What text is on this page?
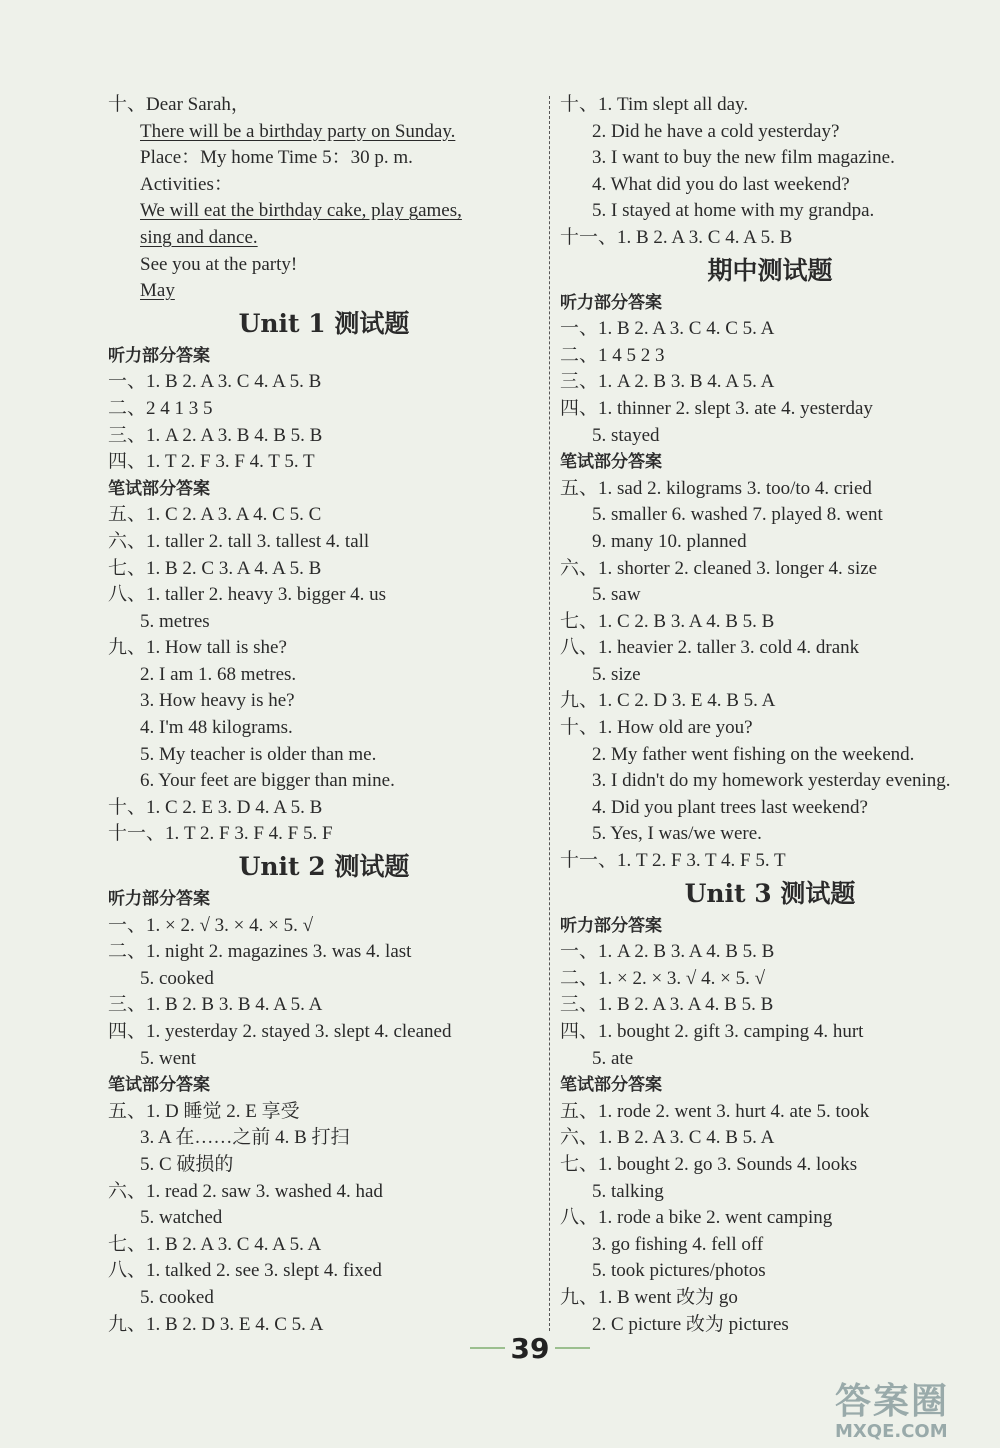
十、Dear Sarah，
There will be a birthday party on Sunday.
Place：My home Time 5：30 p. m.
Activities：
We will eat the birthday cake, play games,
sing and dance.
See you at the party!
May
Unit 1 测试题
听力部分答案
一、1. B 2. A 3. C 4. A 5. B
二、2 4 1 3 5
三、1. A 2. A 3. B 4. B 5. B
四、1. T 2. F 3. F 4. T 5. T
笔试部分答案
五、1. C 2. A 3. A 4. C 5. C
六、1. taller 2. tall 3. tallest 4. tall
七、1. B 2. C 3. A 4. A 5. B
八、1. taller 2. heavy 3. bigger 4. us
5. metres
九、1. How tall is she?
2. I am 1. 68 metres.
3. How heavy is he?
4. I'm 48 kilograms.
5. My teacher is older than me.
6. Your feet are bigger than mine.
十、1. C 2. E 3. D 4. A 5. B
十一、1. T 2. F 3. F 4. F 5. F
Unit 2 测试题
听力部分答案
一、1. × 2. √ 3. × 4. × 5. √
二、1. night 2. magazines 3. was 4. last
5. cooked
三、1. B 2. B 3. B 4. A 5. A
四、1. yesterday 2. stayed 3. slept 4. cleaned
5. went
笔试部分答案
五、1. D 睡觉 2. E 享受
3. A 在……之前 4. B 打扫
5. C 破损的
六、1. read 2. saw 3. washed 4. had
5. watched
七、1. B 2. A 3. C 4. A 5. A
八、1. talked 2. see 3. slept 4. fixed
5. cooked
九、1. B 2. D 3. E 4. C 5. A
十、1. Tim slept all day.
2. Did he have a cold yesterday?
3. I want to buy the new film magazine.
4. What did you do last weekend?
5. I stayed at home with my grandpa.
十一、1. B 2. A 3. C 4. A 5. B
期中测试题
听力部分答案
一、1. B 2. A 3. C 4. C 5. A
二、1 4 5 2 3
三、1. A 2. B 3. B 4. A 5. A
四、1. thinner 2. slept 3. ate 4. yesterday
5. stayed
笔试部分答案
五、1. sad 2. kilograms 3. too/to 4. cried
5. smaller 6. washed 7. played 8. went
9. many 10. planned
六、1. shorter 2. cleaned 3. longer 4. size
5. saw
七、1. C 2. B 3. A 4. B 5. B
八、1. heavier 2. taller 3. cold 4. drank
5. size
九、1. C 2. D 3. E 4. B 5. A
十、1. How old are you?
2. My father went fishing on the weekend.
3. I didn't do my homework yesterday evening.
4. Did you plant trees last weekend?
5. Yes, I was/we were.
十一、1. T 2. F 3. T 4. F 5. T
Unit 3 测试题
听力部分答案
一、1. A 2. B 3. A 4. B 5. B
二、1. × 2. × 3. √ 4. × 5. √
三、1. B 2. A 3. A 4. B 5. B
四、1. bought 2. gift 3. camping 4. hurt
5. ate
笔试部分答案
五、1. rode 2. went 3. hurt 4. ate 5. took
六、1. B 2. A 3. C 4. B 5. A
七、1. bought 2. go 3. Sounds 4. looks
5. talking
八、1. rode a bike 2. went camping
3. go fishing 4. fell off
5. took pictures/photos
九、1. B went 改为 go
2. C picture 改为 pictures
39
答案圈
MXQE.COM
